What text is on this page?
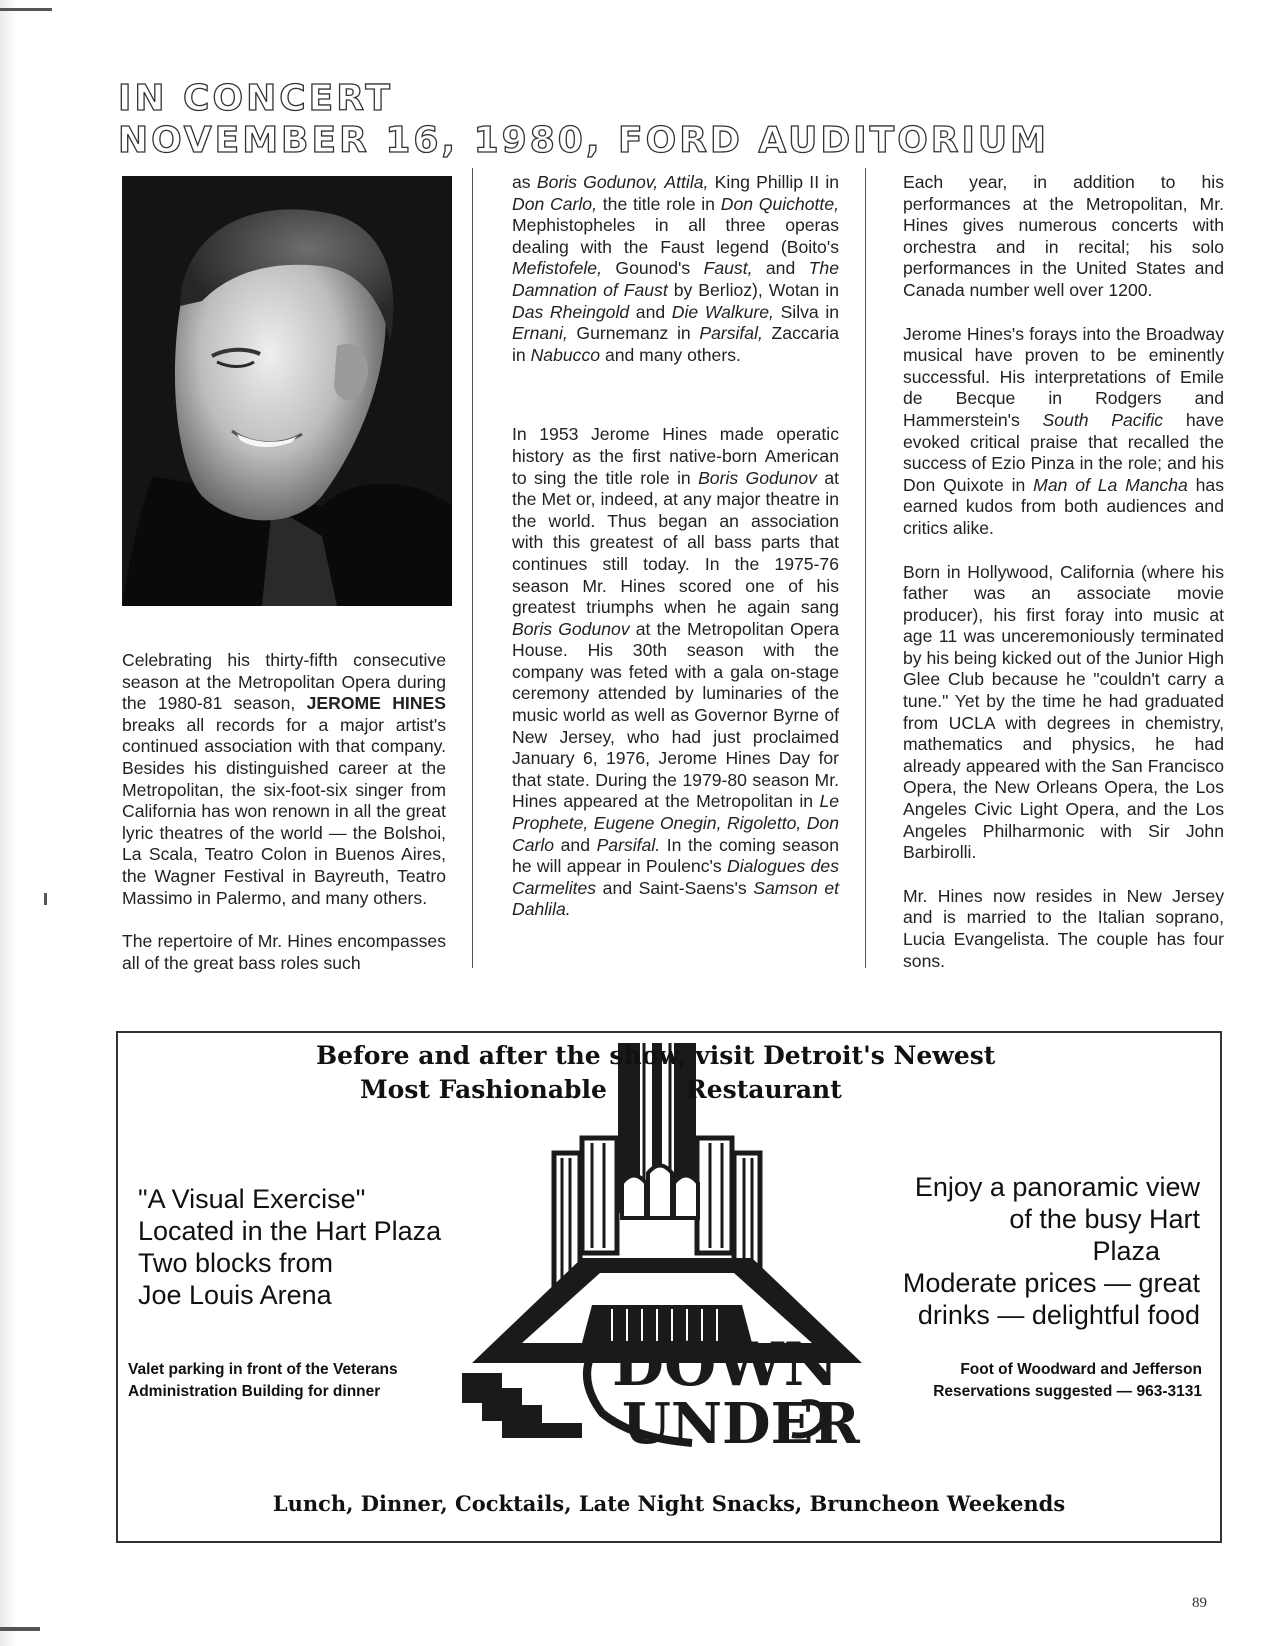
IN CONCERT
NOVEMBER 16, 1980, FORD AUDITORIUM

Celebrating his thirty-fifth consecutive season at the Metropolitan Opera during the 1980-81 season, JEROME HINES breaks all records for a major artist's continued association with that company. Besides his distinguished career at the Metropolitan, the six-foot-six singer from California has won renown in all the great lyric theatres of the world — the Bolshoi, La Scala, Teatro Colon in Buenos Aires, the Wagner Festival in Bayreuth, Teatro Massimo in Palermo, and many others.

The repertoire of Mr. Hines encompasses all of the great bass roles such

as Boris Godunov, Attila, King Phillip II in Don Carlo, the title role in Don Quichotte, Mephistopheles in all three operas dealing with the Faust legend (Boito's Mefistofele, Gounod's Faust, and The Damnation of Faust by Berlioz), Wotan in Das Rheingold and Die Walkure, Silva in Ernani, Gurnemanz in Parsifal, Zaccaria in Nabucco and many others.

In 1953 Jerome Hines made operatic history as the first native-born American to sing the title role in Boris Godunov at the Met or, indeed, at any major theatre in the world. Thus began an association with this greatest of all bass parts that continues still today. In the 1975-76 season Mr. Hines scored one of his greatest triumphs when he again sang Boris Godunov at the Metropolitan Opera House. His 30th season with the company was feted with a gala on-stage ceremony attended by luminaries of the music world as well as Governor Byrne of New Jersey, who had just proclaimed January 6, 1976, Jerome Hines Day for that state. During the 1979-80 season Mr. Hines appeared at the Metropolitan in Le Prophete, Eugene Onegin, Rigoletto, Don Carlo and Parsifal. In the coming season he will appear in Poulenc's Dialogues des Carmelites and Saint-Saens's Samson et Dahlila.

Each year, in addition to his performances at the Metropolitan, Mr. Hines gives numerous concerts with orchestra and in recital; his solo performances in the United States and Canada number well over 1200.

Jerome Hines's forays into the Broadway musical have proven to be eminently successful. His interpretations of Emile de Becque in Rodgers and Hammerstein's South Pacific have evoked critical praise that recalled the success of Ezio Pinza in the role; and his Don Quixote in Man of La Mancha has earned kudos from both audiences and critics alike.

Born in Hollywood, California (where his father was an associate movie producer), his first foray into music at age 11 was unceremoniously terminated by his being kicked out of the Junior High Glee Club because he "couldn't carry a tune." Yet by the time he had graduated from UCLA with degrees in chemistry, mathematics and physics, he had already appeared with the San Francisco Opera, the New Orleans Opera, the Los Angeles Civic Light Opera, and the Los Angeles Philharmonic with Sir John Barbirolli.

Mr. Hines now resides in New Jersey and is married to the Italian soprano, Lucia Evangelista. The couple has four sons.

DOWN
UNDER
Before and after the show, visit Detroit's Newest
Most Fashionable	Restaurant
"A Visual Exercise"
Located in the Hart Plaza
Two blocks from
Joe Louis Arena
Enjoy a panoramic view
of the busy Hart
Plaza
Moderate prices — great
drinks — delightful food
Valet parking in front of the Veterans
Administration Building for dinner
Foot of Woodward and Jefferson
Reservations suggested — 963-3131
Lunch, Dinner, Cocktails, Late Night Snacks, Bruncheon Weekends
89
